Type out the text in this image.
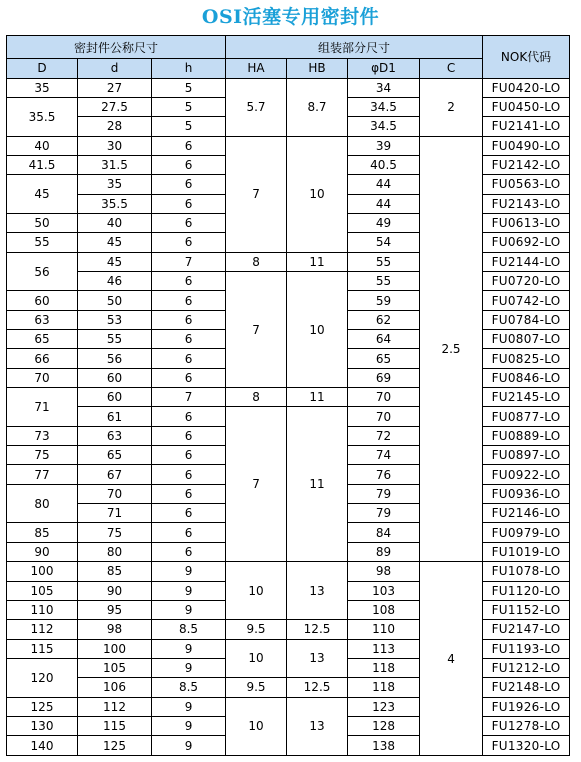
OSI活塞专用密封件
密封件公称尺寸			组装部分尺寸				NOK代码
D	d	h	HA	HB	φD1	C	
35	27	5	5.7	8.7	34	2	FU0420-LO
35.5	27.5	5			34.5		FU0450-LO
	28	5			34.5		FU2141-LO
40	30	6	7	10	39	2.5	FU0490-LO
41.5	31.5	6			40.5		FU2142-LO
45	35	6			44		FU0563-LO
	35.5	6			44		FU2143-LO
50	40	6			49		FU0613-LO
55	45	6			54		FU0692-LO
56	45	7	8	11	55		FU2144-LO
	46	6	7	10	55		FU0720-LO
60	50	6			59		FU0742-LO
63	53	6			62		FU0784-LO
65	55	6			64		FU0807-LO
66	56	6			65		FU0825-LO
70	60	6			69		FU0846-LO
71	60	7	8	11	70		FU2145-LO
	61	6	7	11	70		FU0877-LO
73	63	6			72		FU0889-LO
75	65	6			74		FU0897-LO
77	67	6			76		FU0922-LO
80	70	6			79		FU0936-LO
	71	6			79		FU2146-LO
85	75	6			84		FU0979-LO
90	80	6			89		FU1019-LO
100	85	9	10	13	98	4	FU1078-LO
105	90	9			103		FU1120-LO
110	95	9			108		FU1152-LO
112	98	8.5	9.5	12.5	110		FU2147-LO
115	100	9	10	13	113		FU1193-LO
120	105	9			118		FU1212-LO
	106	8.5	9.5	12.5	118		FU2148-LO
125	112	9	10	13	123		FU1926-LO
130	115	9			128		FU1278-LO
140	125	9			138		FU1320-LO
